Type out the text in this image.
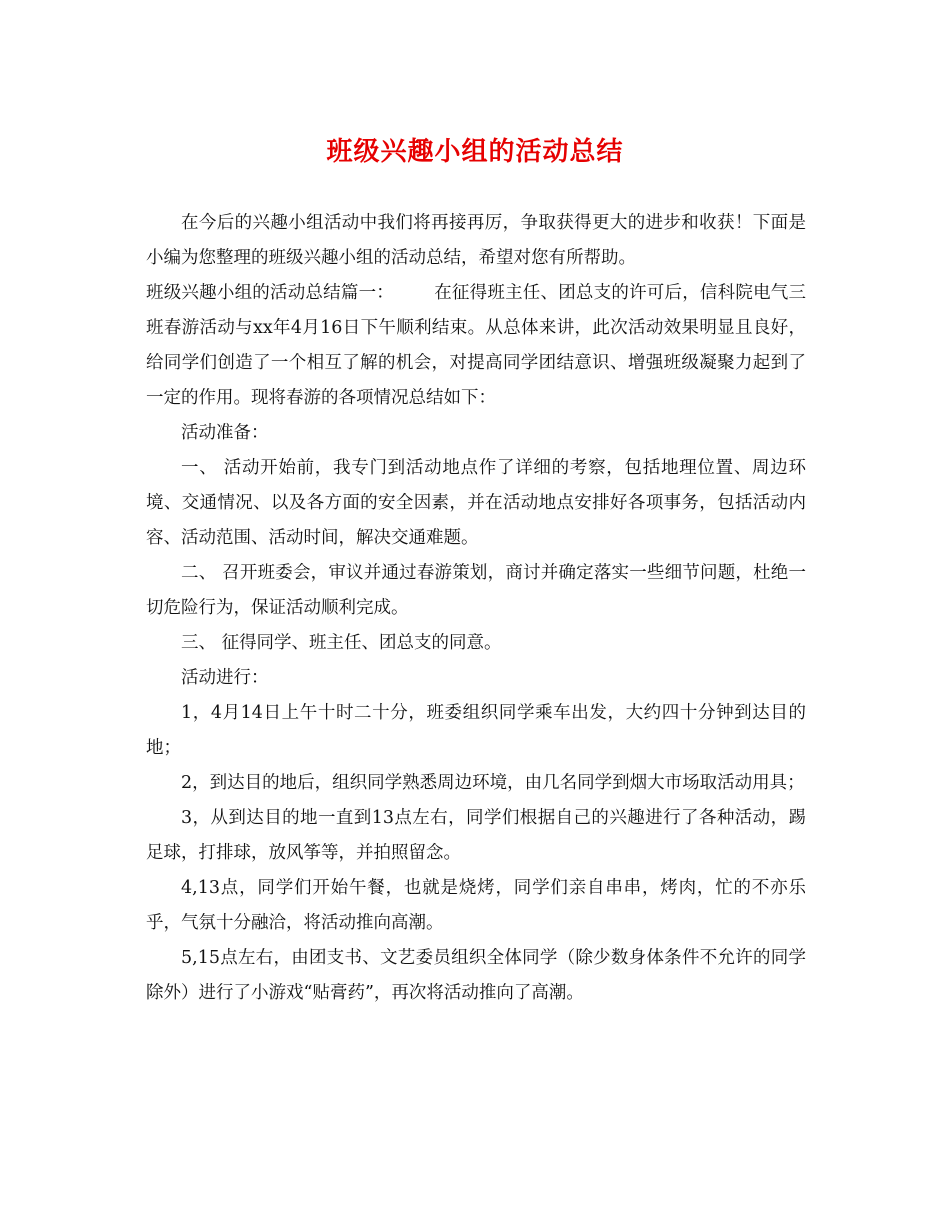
班级兴趣小组的活动总结

在今后的兴趣小组活动中我们将再接再厉，争取获得更大的进步和收获！下面是小编为您整理的班级兴趣小组的活动总结，希望对您有所帮助。

班级兴趣小组的活动总结篇一： 在征得班主任、团总支的许可后，信科院电气三班春游活动与xx年4月16日下午顺利结束。从总体来讲，此次活动效果明显且良好，给同学们创造了一个相互了解的机会，对提高同学团结意识、增强班级凝聚力起到了一定的作用。现将春游的各项情况总结如下：

活动准备：

一、 活动开始前，我专门到活动地点作了详细的考察，包括地理位置、周边环境、交通情况、以及各方面的安全因素，并在活动地点安排好各项事务，包括活动内容、活动范围、活动时间，解决交通难题。

二、 召开班委会，审议并通过春游策划，商讨并确定落实一些细节问题，杜绝一切危险行为，保证活动顺利完成。

三、 征得同学、班主任、团总支的同意。

活动进行：

1，4月14日上午十时二十分，班委组织同学乘车出发，大约四十分钟到达目的地；

2，到达目的地后，组织同学熟悉周边环境，由几名同学到烟大市场取活动用具；

3，从到达目的地一直到13点左右，同学们根据自己的兴趣进行了各种活动，踢足球，打排球，放风筝等，并拍照留念。

4,13点，同学们开始午餐，也就是烧烤，同学们亲自串串，烤肉，忙的不亦乐乎，气氛十分融洽，将活动推向高潮。

5,15点左右，由团支书、文艺委员组织全体同学（除少数身体条件不允许的同学除外）进行了小游戏“贴膏药”，再次将活动推向了高潮。
